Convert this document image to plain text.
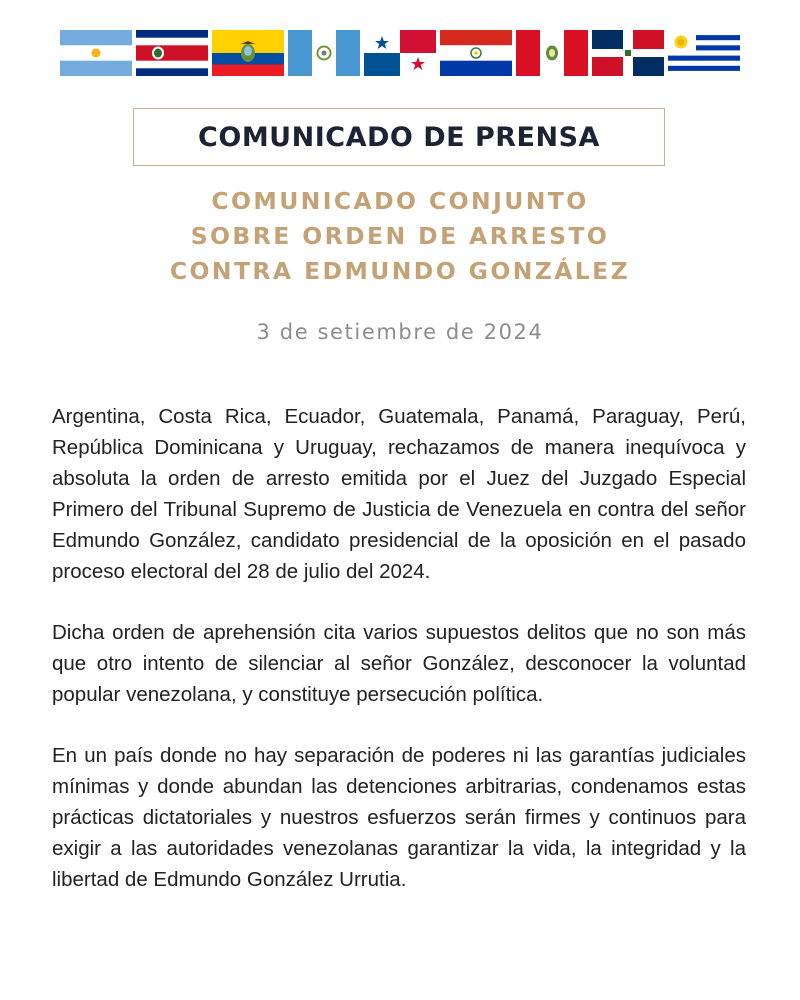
COMUNICADO DE PRENSA
COMUNICADO CONJUNTO
SOBRE ORDEN DE ARRESTO
CONTRA EDMUNDO GONZÁLEZ
3 de setiembre de 2024

Argentina, Costa Rica, Ecuador, Guatemala, Panamá, Paraguay, Perú, República Dominicana y Uruguay, rechazamos de manera inequívoca y absoluta la orden de arresto emitida por el Juez del Juzgado Especial Primero del Tribunal Supremo de Justicia de Venezuela en contra del señor Edmundo González, candidato presidencial de la oposición en el pasado proceso electoral del 28 de julio del 2024.

Dicha orden de aprehensión cita varios supuestos delitos que no son más que otro intento de silenciar al señor González, desconocer la voluntad popular venezolana, y constituye persecución política.

En un país donde no hay separación de poderes ni las garantías judiciales mínimas y donde abundan las detenciones arbitrarias, condenamos estas prácticas dictatoriales y nuestros esfuerzos serán firmes y continuos para exigir a las autoridades venezolanas garantizar la vida, la integridad y la libertad de Edmundo González Urrutia.
